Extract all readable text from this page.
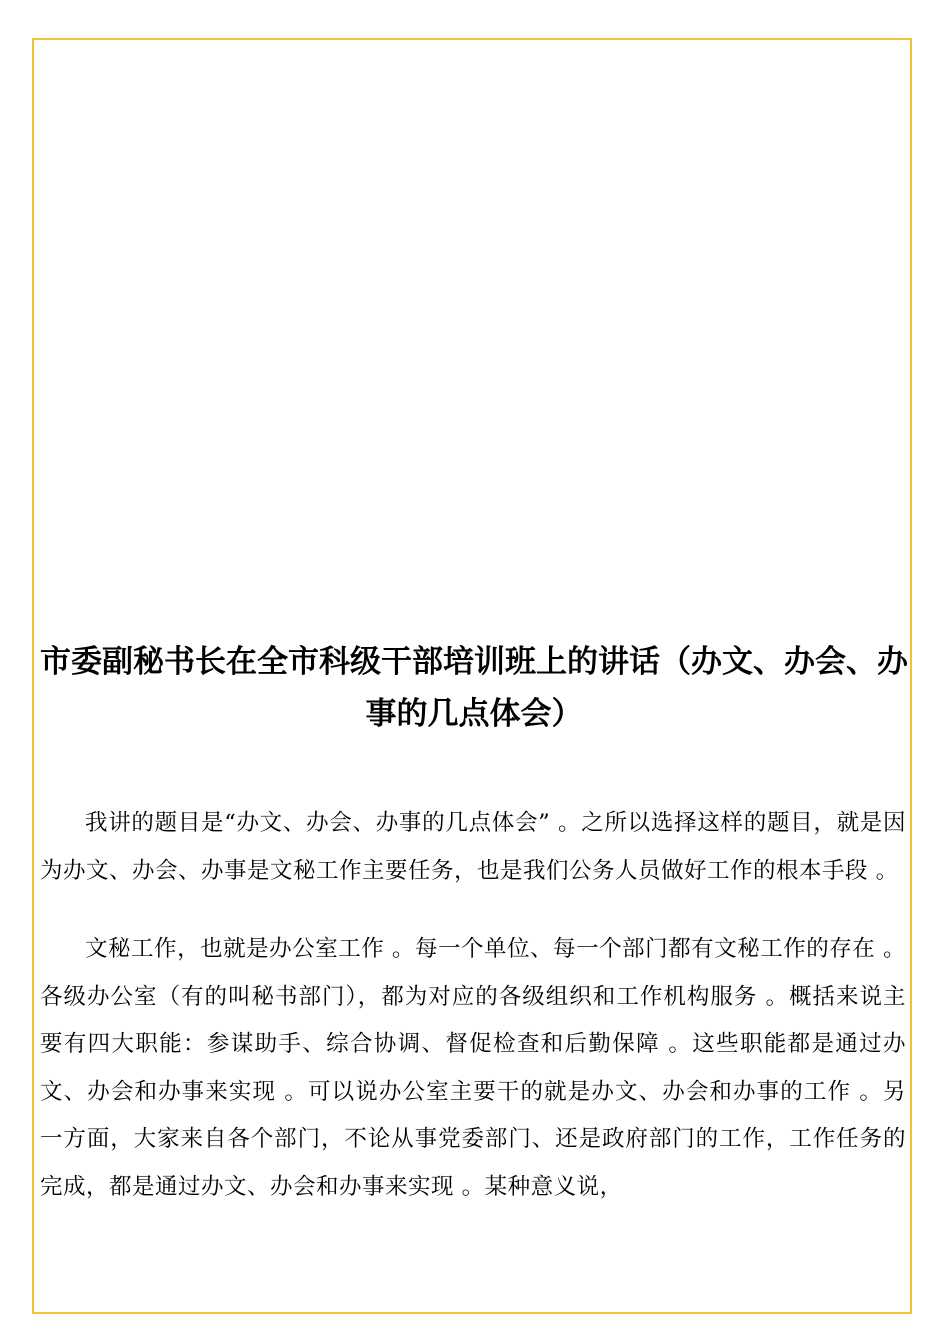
市委副秘书长在全市科级干部培训班上的讲话（办文、办会、办事的几点体会）

我讲的题目是“办文、办会、办事的几点体会” 。之所以选择这样的题目，就是因为办文、办会、办事是文秘工作主要任务，也是我们公务人员做好工作的根本手段 。

文秘工作，也就是办公室工作 。每一个单位、每一个部门都有文秘工作的存在 。各级办公室（有的叫秘书部门），都为对应的各级组织和工作机构服务 。概括来说主要有四大职能：参谋助手、综合协调、督促检查和后勤保障 。这些职能都是通过办文、办会和办事来实现 。可以说办公室主要干的就是办文、办会和办事的工作 。另一方面，大家来自各个部门，不论从事党委部门、还是政府部门的工作，工作任务的完成，都是通过办文、办会和办事来实现 。某种意义说，
